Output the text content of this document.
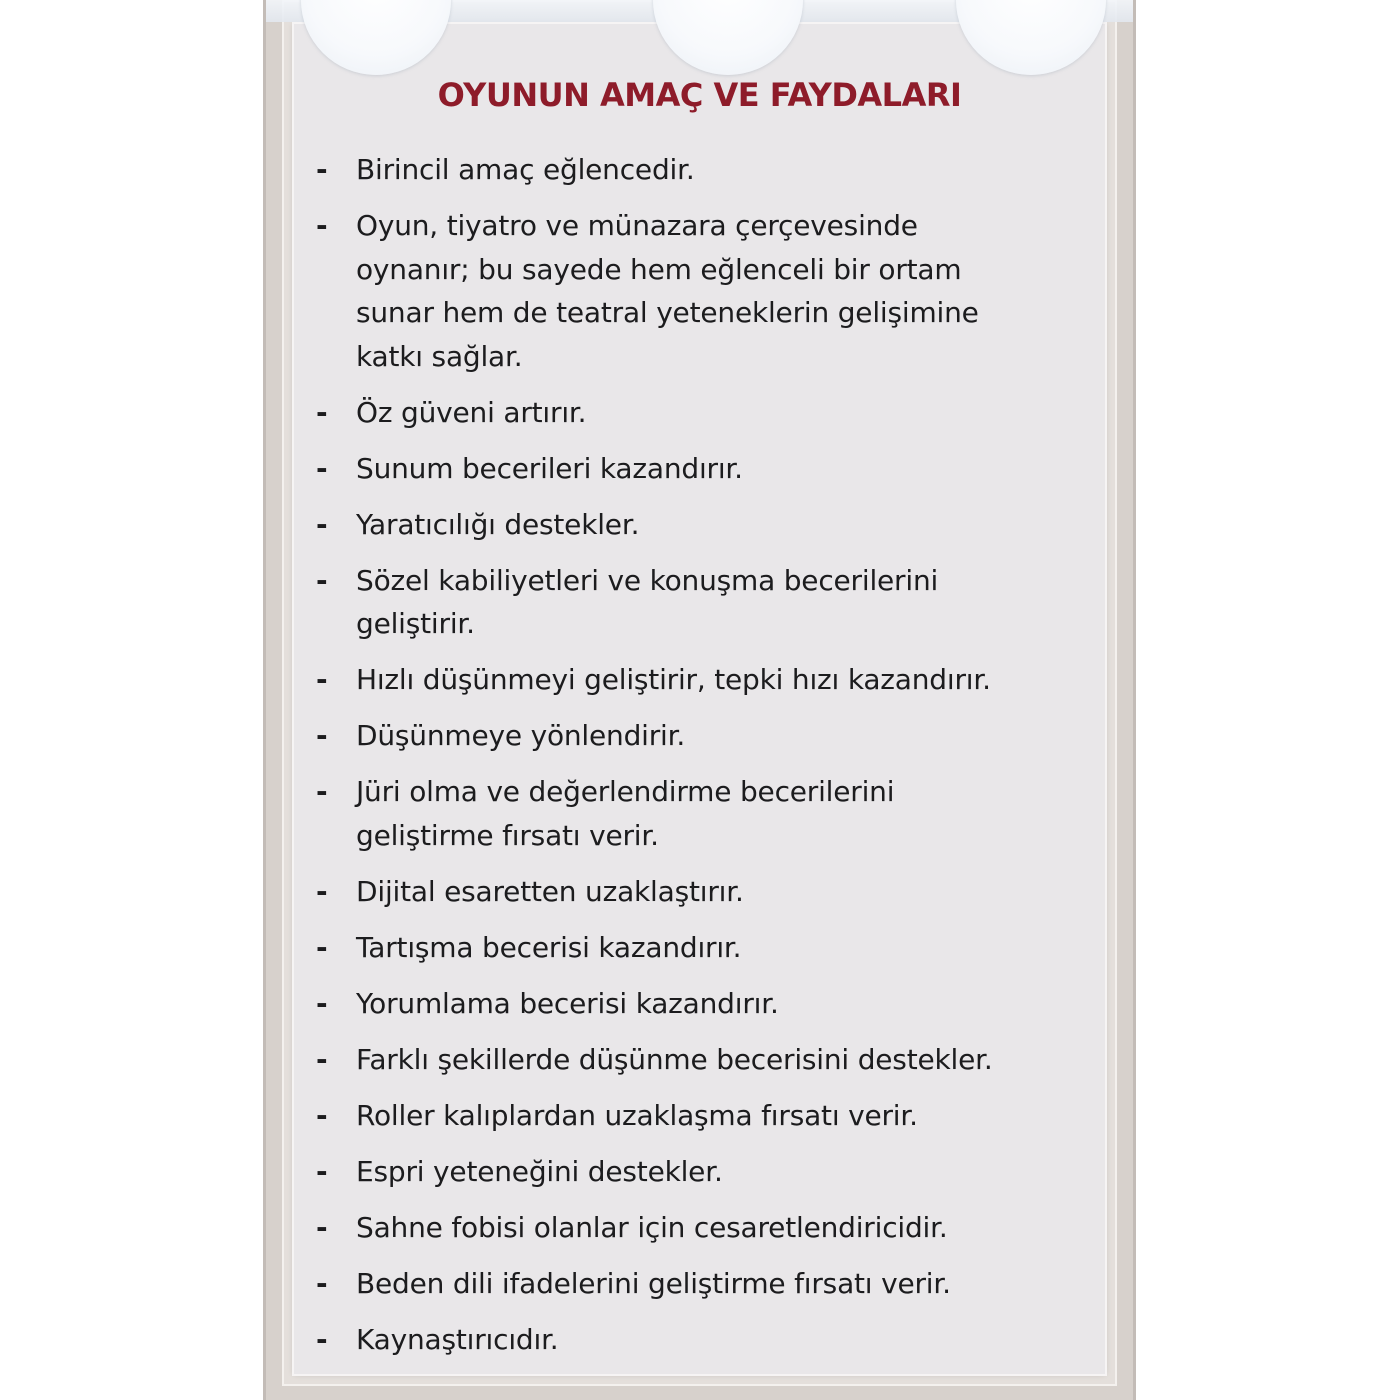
OYUNUN AMAÇ VE FAYDALARI
-	Birincil amaç eğlencedir.
-	Oyun, tiyatro ve münazara çerçevesinde
oynanır; bu sayede hem eğlenceli bir ortam
sunar hem de teatral yeteneklerin gelişimine
katkı sağlar.
-	Öz güveni artırır.
-	Sunum becerileri kazandırır.
-	Yaratıcılığı destekler.
-	Sözel kabiliyetleri ve konuşma becerilerini
geliştirir.
-	Hızlı düşünmeyi geliştirir, tepki hızı kazandırır.
-	Düşünmeye yönlendirir.
-	Jüri olma ve değerlendirme becerilerini
geliştirme fırsatı verir.
-	Dijital esaretten uzaklaştırır.
-	Tartışma becerisi kazandırır.
-	Yorumlama becerisi kazandırır.
-	Farklı şekillerde düşünme becerisini destekler.
-	Roller kalıplardan uzaklaşma fırsatı verir.
-	Espri yeteneğini destekler.
-	Sahne fobisi olanlar için cesaretlendiricidir.
-	Beden dili ifadelerini geliştirme fırsatı verir.
-	Kaynaştırıcıdır.
